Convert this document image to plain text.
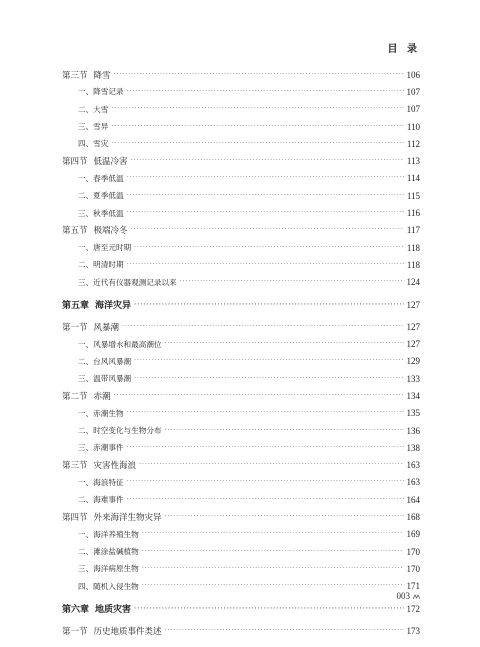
目 录
第三节 降雪 ·····	106
一、降雪记录 ·····	107
二、大雪 ·····	107
三、雪异 ·····	110
四、雪灾 ·····	112
第四节 低温冷害 ·····	113
一、春季低温 ·····	114
二、夏季低温 ·····	115
三、秋季低温 ·····	116
第五节 极端冷冬 ·····	117
一、唐至元时期 ·····	118
二、明清时期 ·····	118
三、近代有仪器观测记录以来 ·····	124
第五章 海洋灾异 ·····	127
第一节 风暴潮 ·····	127
一、风暴增水和最高潮位 ·····	127
二、台风风暴潮 ·····	129
三、温带风暴潮 ·····	133
第二节 赤潮 ·····	134
一、赤潮生物 ·····	135
二、时空变化与生物分布 ·····	136
三、赤潮事件 ·····	138
第三节 灾害性海浪 ·····	163
一、海浪特征 ·····	163
二、海难事件 ·····	164
第四节 外来海洋生物灾异 ·····	168
一、海洋养殖生物 ·····	169
二、滩涂盐碱植物 ·····	170
三、海洋病原生物 ·····	170
四、随机入侵生物 ·····	171
第六章 地质灾害 ·····	172
第一节 历史地质事件类述 ·····	173
003
